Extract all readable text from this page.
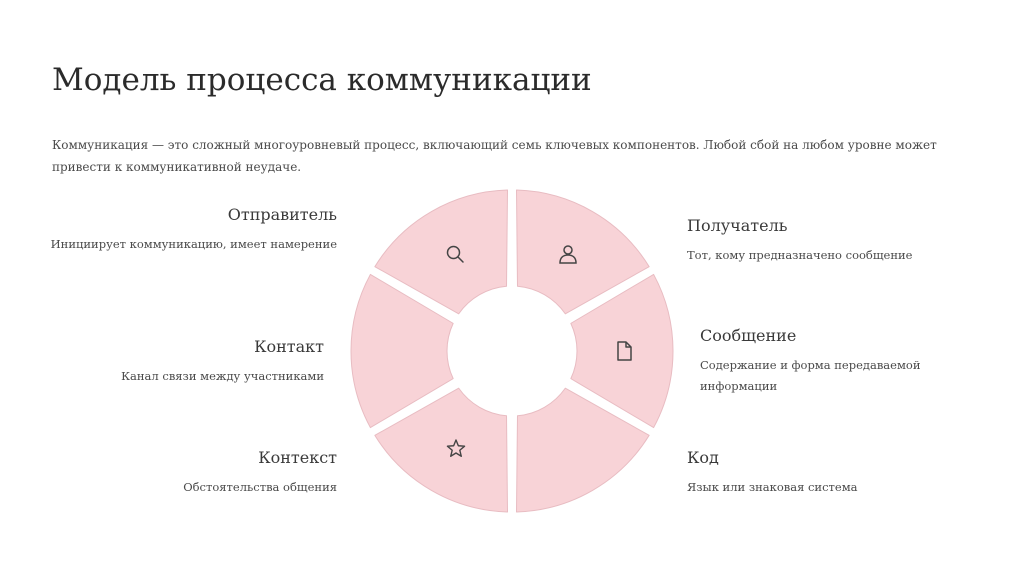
Модель процесса коммуникации

Коммуникация — это сложный многоуровневый процесс, включающий семь ключевых компонентов. Любой сбой на любом уровне может привести к коммуникативной неудаче.

Отправитель

Инициирует коммуникацию, имеет намерение

Получатель

Тот, кому предназначено сообщение

Контакт

Канал связи между участниками

Сообщение

Содержание и форма передаваемой информации

Контекст

Обстоятельства общения

Код

Язык или знаковая система
